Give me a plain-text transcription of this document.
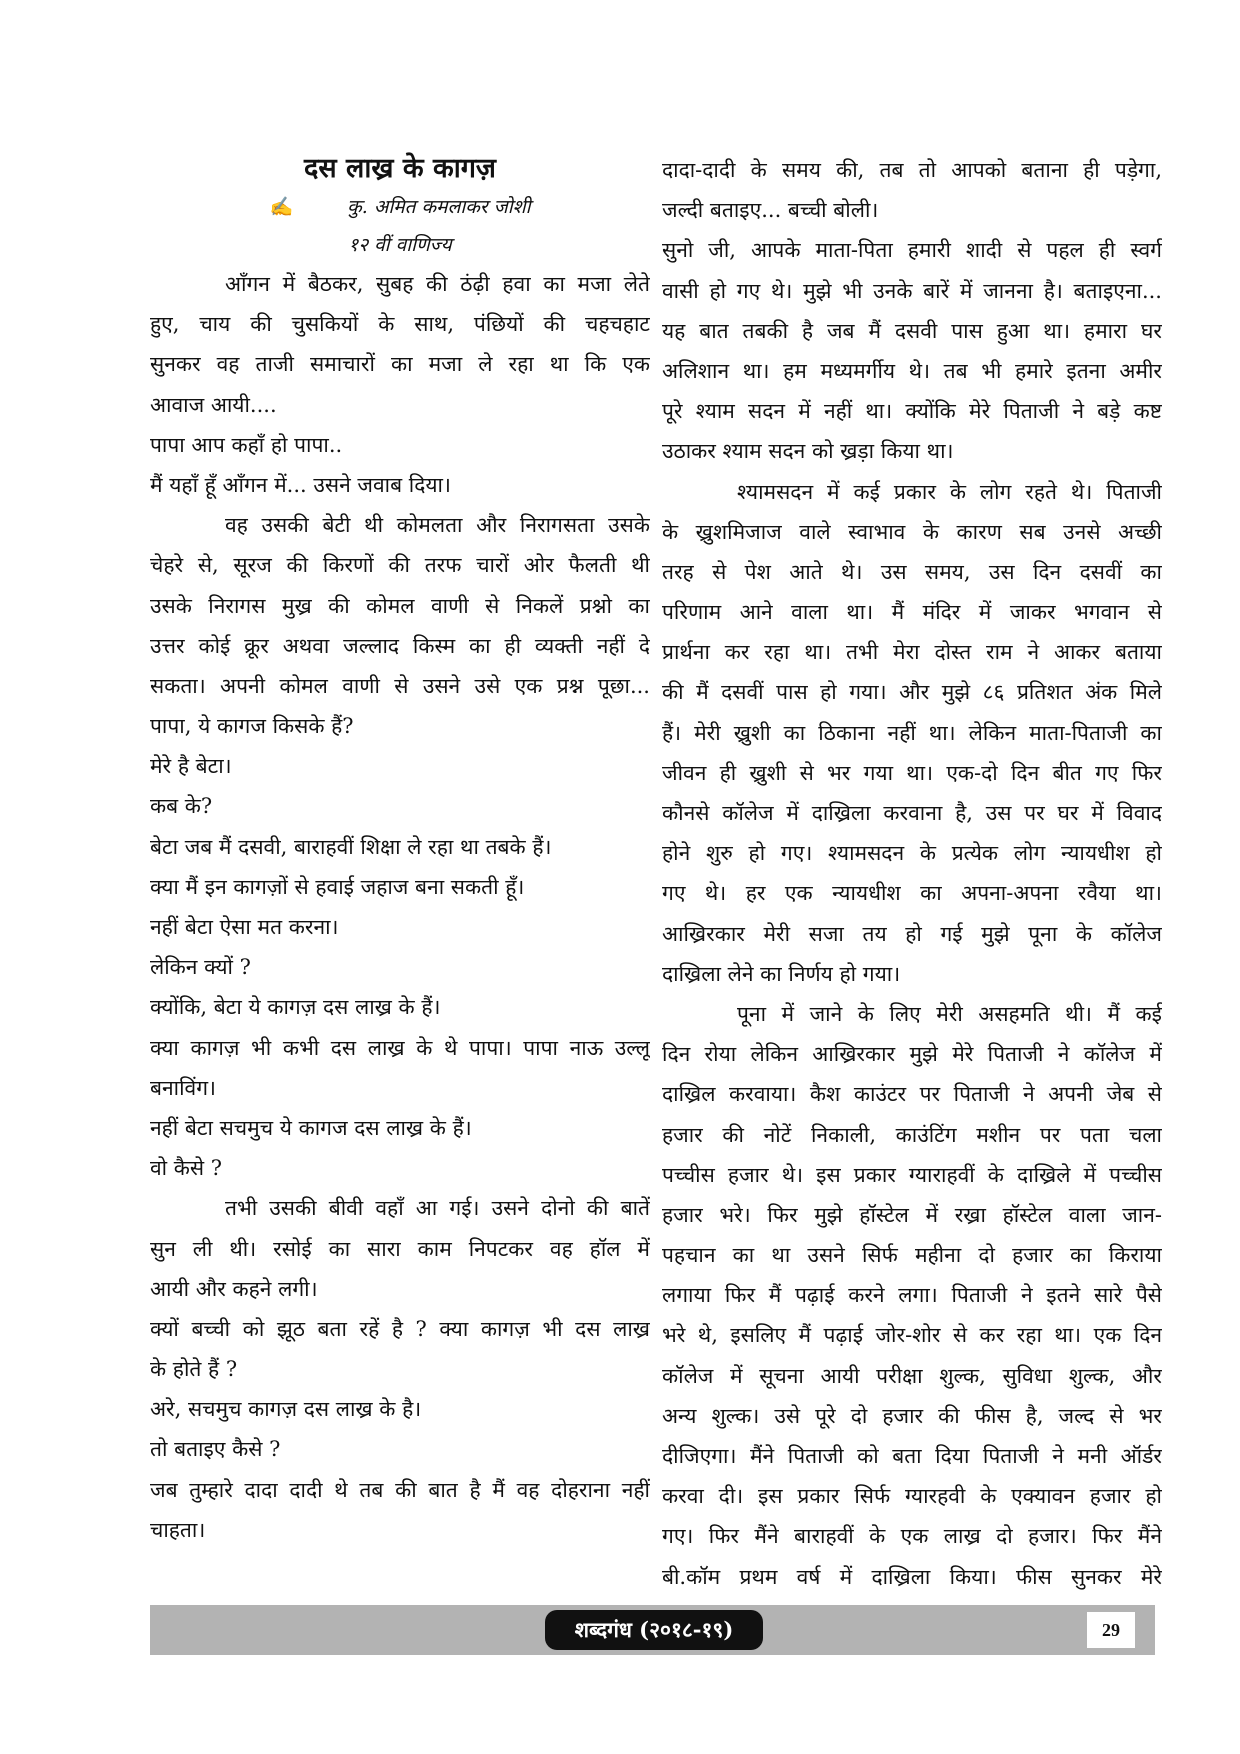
दस लाख्र के कागज़
✍	कु. अमित कमलाकर जोशी
१२ वीं वाणिज्य
आँगन में बैठकर, सुबह की ठंढ़ी हवा का मजा लेते
हुए, चाय की चुसकियों के साथ, पंछियों की चहचहाट
सुनकर वह ताजी समाचारों का मजा ले रहा था कि एक
आवाज आयी....
पापा आप कहाँ हो पापा..
मैं यहाँ हूँ आँगन में... उसने जवाब दिया।
वह उसकी बेटी थी कोमलता और निरागसता उसके
चेहरे से, सूरज की किरणों की तरफ चारों ओर फैलती थी
उसके निरागस मुख्र की कोमल वाणी से निकलें प्रश्नो का
उत्तर कोई क्रूर अथवा जल्लाद किस्म का ही व्यक्ती नहीं दे
सकता। अपनी कोमल वाणी से उसने उसे एक प्रश्न पूछा...
पापा, ये कागज किसके हैं?
मेरे है बेटा।
कब के?
बेटा जब मैं दसवी, बाराहवीं शिक्षा ले रहा था तबके हैं।
क्या मैं इन कागज़ों से हवाई जहाज बना सकती हूँ।
नहीं बेटा ऐसा मत करना।
लेकिन क्यों ?
क्योंकि, बेटा ये कागज़ दस लाख्र के हैं।
क्या कागज़ भी कभी दस लाख्र के थे पापा। पापा नाऊ उल्लू
बनाविंग।
नहीं बेटा सचमुच ये कागज दस लाख्र के हैं।
वो कैसे ?
तभी उसकी बीवी वहाँ आ गई। उसने दोनो की बातें
सुन ली थी। रसोई का सारा काम निपटकर वह हॉल में
आयी और कहने लगी।
क्यों बच्ची को झूठ बता रहें है ? क्या कागज़ भी दस लाख्र
के होते हैं ?
अरे, सचमुच कागज़ दस लाख्र के है।
तो बताइए कैसे ?
जब तुम्हारे दादा दादी थे तब की बात है मैं वह दोहराना नहीं
चाहता।
दादा-दादी के समय की, तब तो आपको बताना ही पड़ेगा,
जल्दी बताइए... बच्ची बोली।
सुनो जी, आपके माता-पिता हमारी शादी से पहल ही स्वर्ग
वासी हो गए थे। मुझे भी उनके बारें में जानना है। बताइएना...
यह बात तबकी है जब मैं दसवी पास हुआ था। हमारा घर
अलिशान था। हम मध्यमर्गीय थे। तब भी हमारे इतना अमीर
पूरे श्याम सदन में नहीं था। क्योंकि मेरे पिताजी ने बड़े कष्ट
उठाकर श्याम सदन को ख्रड़ा किया था।
श्यामसदन में कई प्रकार के लोग रहते थे। पिताजी
के ख्रुशमिजाज वाले स्वाभाव के कारण सब उनसे अच्छी
तरह से पेश आते थे। उस समय, उस दिन दसवीं का
परिणाम आने वाला था। मैं मंदिर में जाकर भगवान से
प्रार्थना कर रहा था। तभी मेरा दोस्त राम ने आकर बताया
की मैं दसवीं पास हो गया। और मुझे ८६ प्रतिशत अंक मिले
हैं। मेरी ख्रुशी का ठिकाना नहीं था। लेकिन माता-पिताजी का
जीवन ही ख्रुशी से भर गया था। एक-दो दिन बीत गए फिर
कौनसे कॉलेज में दाख्रिला करवाना है, उस पर घर में विवाद
होने शुरु हो गए। श्यामसदन के प्रत्येक लोग न्यायधीश हो
गए थे। हर एक न्यायधीश का अपना-अपना रवैया था।
आख्रिरकार मेरी सजा तय हो गई मुझे पूना के कॉलेज
दाख्रिला लेने का निर्णय हो गया।
पूना में जाने के लिए मेरी असहमति थी। मैं कई
दिन रोया लेकिन आख्रिरकार मुझे मेरे पिताजी ने कॉलेज में
दाख्रिल करवाया। कैश काउंटर पर पिताजी ने अपनी जेब से
हजार की नोटें निकाली, काउंटिंग मशीन पर पता चला
पच्चीस हजार थे। इस प्रकार ग्याराहवीं के दाख्रिले में पच्चीस
हजार भरे। फिर मुझे हॉस्टेल में रख्रा हॉस्टेल वाला जान-
पहचान का था उसने सिर्फ महीना दो हजार का किराया
लगाया फिर मैं पढ़ाई करने लगा। पिताजी ने इतने सारे पैसे
भरे थे, इसलिए मैं पढ़ाई जोर-शोर से कर रहा था। एक दिन
कॉलेज में सूचना आयी परीक्षा शुल्क, सुविधा शुल्क, और
अन्य शुल्क। उसे पूरे दो हजार की फीस है, जल्द से भर
दीजिएगा। मैंने पिताजी को बता दिया पिताजी ने मनी ऑर्डर
करवा दी। इस प्रकार सिर्फ ग्यारहवी के एक्यावन हजार हो
गए। फिर मैंने बाराहवीं के एक लाख्र दो हजार। फिर मैंने
बी.कॉम प्रथम वर्ष में दाख्रिला किया। फीस सुनकर मेरे
शब्दगंध (२०१८-१९)	29
